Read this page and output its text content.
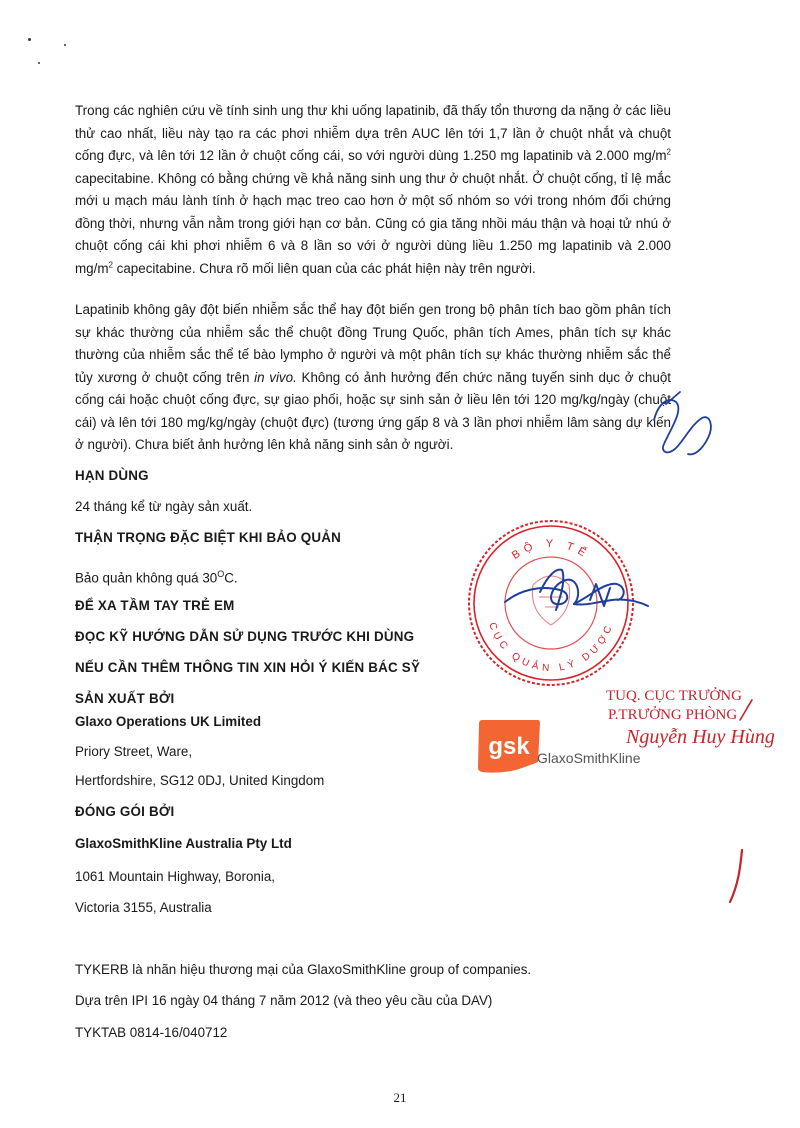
Trong các nghiên cứu về tính sinh ung thư khi uống lapatinib, đã thấy tổn thương da nặng ở các liều thử cao nhất, liều này tạo ra các phơi nhiễm dựa trên AUC lên tới 1,7 lần ở chuột nhắt và chuột cống đực, và lên tới 12 lần ở chuột cống cái, so với người dùng 1.250 mg lapatinib và 2.000 $mg/m^2$ capecitabine. Không có bằng chứng về khả năng sinh ung thư ở chuột nhắt. Ở chuột cống, tỉ lệ mắc mới u mạch máu lành tính ở hạch mạc treo cao hơn ở một số nhóm so với trong nhóm đối chứng đồng thời, nhưng vẫn nằm trong giới hạn cơ bản. Cũng có gia tăng nhồi máu thận và hoại tử nhú ở chuột cống cái khi phơi nhiễm 6 và 8 lần so với ở người dùng liều 1.250 mg lapatinib và 2.000 $mg/m^2$ capecitabine. Chưa rõ mối liên quan của các phát hiện này trên người.

Lapatinib không gây đột biến nhiễm sắc thể hay đột biến gen trong bộ phân tích bao gồm phân tích sự khác thường của nhiễm sắc thể chuột đồng Trung Quốc, phân tích Ames, phân tích sự khác thường của nhiễm sắc thể tế bào lympho ở người và một phân tích sự khác thường nhiễm sắc thể tủy xương ở chuột cống trên in vivo. Không có ảnh hưởng đến chức năng tuyến sinh dục ở chuột cống cái hoặc chuột cống đực, sự giao phối, hoặc sự sinh sản ở liều lên tới 120 mg/kg/ngày (chuột cái) và lên tới 180 mg/kg/ngày (chuột đực) (tương ứng gấp 8 và 3 lần phơi nhiễm lâm sàng dự kiến ở người). Chưa biết ảnh hưởng lên khả năng sinh sản ở người.

HẠN DÙNG
24 tháng kể từ ngày sản xuất.
THẬN TRỌNG ĐẶC BIỆT KHI BẢO QUẢN
Bảo quản không quá $30^OC$.
ĐỂ XA TẦM TAY TRẺ EM
ĐỌC KỸ HƯỚNG DẪN SỬ DỤNG TRƯỚC KHI DÙNG
NẾU CẦN THÊM THÔNG TIN XIN HỎI Ý KIẾN BÁC SỸ
SẢN XUẤT BỞI
Glaxo Operations UK Limited
Priory Street, Ware,
Hertfordshire, SG12 0DJ, United Kingdom
ĐÓNG GÓI BỞI
GlaxoSmithKline Australia Pty Ltd
1061 Mountain Highway, Boronia,
Victoria 3155, Australia
TYKERB là nhãn hiệu thương mại của GlaxoSmithKline group of companies.
Dựa trên IPI 16 ngày 04 tháng 7 năm 2012 (và theo yêu cầu của DAV)
TYKTAB 0814-16/040712
21
BỘ Y TẾ
CỤC QUẢN LÝ DƯỢC
gsk GlaxoSmithKline
TUQ. CỤC TRƯỞNG
P.TRƯỞNG PHÒNG
Nguyễn Huy Hùng
